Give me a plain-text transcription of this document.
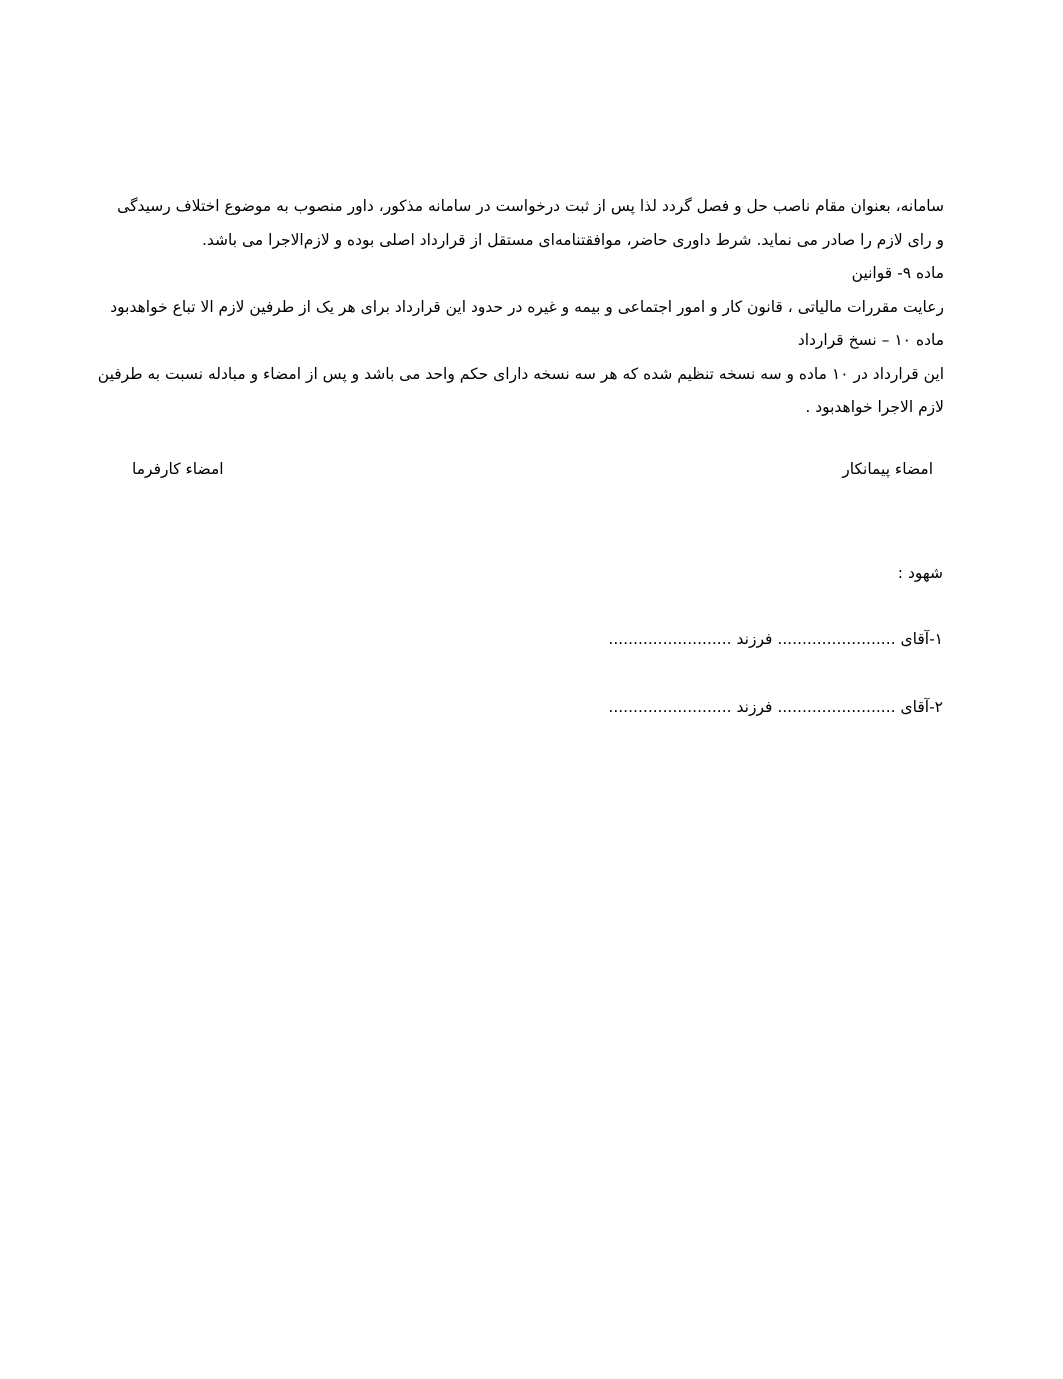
سامانه، بعنوان مقام ناصب حل و فصل گردد لذا پس از ثبت درخواست در سامانه مذکور، داور منصوب به موضوع اختلاف رسیدگی
و رای لازم را صادر می نماید. شرط داوری حاضر، موافقتنامه‌ای مستقل از قرارداد اصلی بوده و لازم‌الاجرا می باشد.
ماده ۹- قوانین
رعایت مقررات مالیاتی ، قانون کار و امور اجتماعی و بیمه و غیره در حدود این قرارداد برای هر یک از طرفین لازم الا تباع خواهدبود
ماده ۱۰ – نسخ قرارداد
این قرارداد در ۱۰ ماده و سه نسخه تنظیم شده که هر سه نسخه دارای حکم واحد می باشد و پس از امضاء و مبادله نسبت به طرفین
لازم الاجرا خواهدبود .
امضاء پیمانکار
امضاء کارفرما
شهود :
۱-آقای ........................ فرزند .........................
۲-آقای ........................ فرزند .........................
